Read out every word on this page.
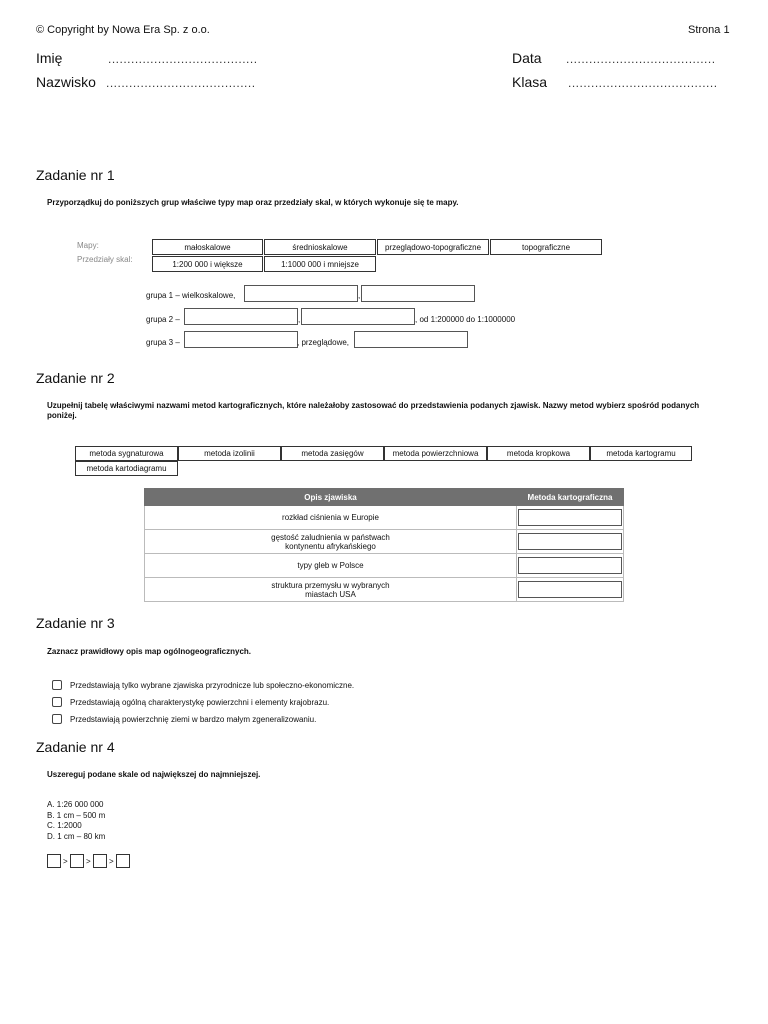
© Copyright by Nowa Era Sp. z o.o.	Strona 1
Imię	.......................................
Nazwisko .......................................
Data .......................................
Klasa .......................................
Zadanie nr 1
Przyporządkuj do poniższych grup właściwe typy map oraz przedziały skal, w których wykonuje się te mapy.
Mapy:
Przedziały skal:
małoskalowe	średnioskalowe	przeglądowo-topograficzne	topograficzne
1:200 000 i większe	1:1000 000 i mniejsze
grupa 1 – wielkoskalowe,	,
grupa 2 –	,	, od 1:200000 do 1:1000000
grupa 3 –	, przeglądowe,
Zadanie nr 2
Uzupełnij tabelę właściwymi nazwami metod kartograficznych, które należałoby zastosować do przedstawienia podanych zjawisk. Nazwy metod wybierz spośród podanych poniżej.
metoda sygnaturowa	metoda izolinii	metoda zasięgów	metoda powierzchniowa	metoda kropkowa	metoda kartogramu
metoda kartodiagramu
Opis zjawiska	Metoda kartograficzna
rozkład ciśnienia w Europie	

gęstość zaludnienia w państwach
kontynentu afrykańskiego	

typy gleb w Polsce	

struktura przemysłu w wybranych
miastach USA	
Zadanie nr 3
Zaznacz prawidłowy opis map ogólnogeograficznych.
Przedstawiają tylko wybrane zjawiska przyrodnicze lub społeczno-ekonomiczne.
Przedstawiają ogólną charakterystykę powierzchni i elementy krajobrazu.
Przedstawiają powierzchnię ziemi w bardzo małym zgeneralizowaniu.
Zadanie nr 4
Uszereguj podane skale od największej do najmniejszej.
A. 1:26 000 000
B. 1 cm – 500 m
C. 1:2000
D. 1 cm – 80 km
> > >
